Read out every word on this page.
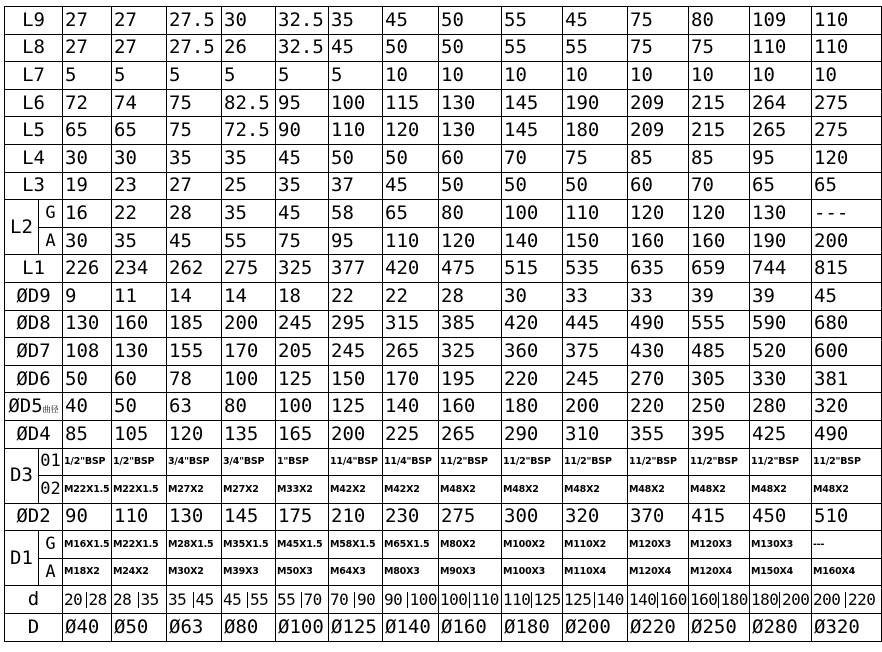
L9		27	27	27.5	30	32.5	35	45	50	55	45	75	80	109	110
L8		27	27	27.5	26	32.5	45	50	50	55	55	75	75	110	110
L7		5	5	5	5	5	5	10	10	10	10	10	10	10	10
L6		72	74	75	82.5	95	100	115	130	145	190	209	215	264	275
L5		65	65	75	72.5	90	110	120	130	145	180	209	215	265	275
L4		30	30	35	35	45	50	50	60	70	75	85	85	95	120
L3		19	23	27	25	35	37	45	50	50	50	60	70	65	65
L2	G	16	22	28	35	45	58	65	80	100	110	120	120	130	---
	A	30	35	45	55	75	95	110	120	140	150	160	160	190	200
L1		226	234	262	275	325	377	420	475	515	535	635	659	744	815
ØD9		9	11	14	14	18	22	22	28	30	33	33	39	39	45
ØD8		130	160	185	200	245	295	315	385	420	445	490	555	590	680
ØD7		108	130	155	170	205	245	265	325	360	375	430	485	520	600
ØD6		50	60	78	100	125	150	170	195	220	245	270	305	330	381
ØD5曲径		40	50	63	80	100	125	140	160	180	200	220	250	280	320
ØD4		85	105	120	135	165	200	225	265	290	310	355	395	425	490
D3	01	1/2"BSP	1/2"BSP	3/4"BSP	3/4"BSP	1"BSP	11/4"BSP	11/4"BSP	11/2"BSP	11/2"BSP	11/2"BSP	11/2"BSP	11/2"BSP	11/2"BSP	11/2"BSP
	02	M22X1.5	M22X1.5	M27X2	M27X2	M33X2	M42X2	M42X2	M48X2	M48X2	M48X2	M48X2	M48X2	M48X2	M48X2
ØD2		90	110	130	145	175	210	230	275	300	320	370	415	450	510
D1	G	M16X1.5	M22X1.5	M28X1.5	M35X1.5	M45X1.5	M58X1.5	M65X1.5	M80X2	M100X2	M110X2	M120X3	M120X3	M130X3	---
	A	M18X2	M24X2	M30X2	M39X3	M50X3	M64X3	M80X3	M90X3	M100X3	M110X4	M120X4	M120X4	M150X4	M160X4
d		20 28	28 35	35 45	45 55	55 70	70 90	90 100	100 110	110 125	125 140	140 160	160 180	180 200	200 220

D		Ø40	Ø50	Ø63	Ø80	Ø100	Ø125	Ø140	Ø160	Ø180	Ø200	Ø220	Ø250	Ø280	Ø320
